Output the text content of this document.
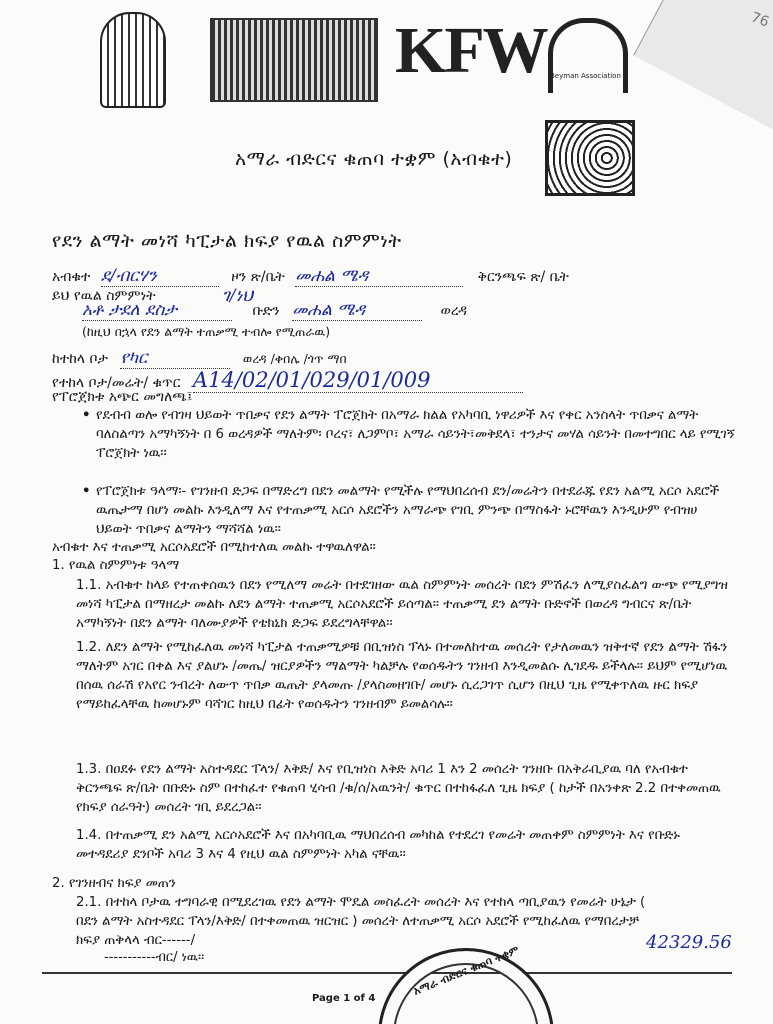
76
KFW Beyman Association
አማራ ብድርና ቁጠባ ተቋም (አብቁተ)
የደን ልማት መነሻ ካፒታል ክፍያ የዉል ስምምነት
አብቁተ ደ/ብርሃን	ዞን ጽ/ቤት መሐል ሜዳ	ቅርንጫፍ ጽ/ ቤት
ይህ የዉል ስምምነት
አቶ ታደለ ደስታ
ገ/ነህ
ቡድን መሐል ሜዳ	ወረዳ
(ከዚህ በኋላ የደን ልማት ተጠቃሚ ተብሎ የሚጠራዉ)
ከተከላ ቦታ የካር	ወረዳ /ቀበሌ /ጎጥ ማበ
የተከላ ቦታ/መሬት/ ቁጥር A14/02/01/029/01/009
የፐሮጀክቱ አጭር መግለጫ፤
• የደብብ ወሎ የብገዛ ህይወት ጥበቃና የደን ልማት ፐሮጀክት በአማራ ክልል የአካባቢ ነዋሪዎች እና የቀር አንስላት ጥበቃና ልማት ባለስልጣን አማካኝነት በ 6 ወረዳዎች ማለትም፡ ቦረና፣ ለጋምቦ፣ አማራ ሳይንት፣መቅደላ፣ ተንታና መሃል ሳይንት በመተግበር ላይ የሚገኝ ፐሮጀክት ነዉ፡፡
• የፐሮጀክቱ ዓላማ፡- የገንዘብ ድጋፍ በማድረግ በደን መልማት የሚችሉ የማህበረሰብ ደን/መሬትን በተደራጁ የደን አልሚ አርሶ አደሮች ዉጤታማ በሆነ መልኩ እንዲለማ እና የተጠቃሚ አርሶ አደሮችን አማራጭ የገቢ ምንጭ በማስፋት ኑሮቸዉን እንዲሁም የብዝሀ ህይወት ጥበቃና ልማትን ማሻሻል ነዉ፡፡
አብቁተ እና ተጠቃሚ አርሶአደሮች በሚከተለዉ መልኩ ተዋዉለዋል፡፡
1. የዉል ስምምነቱ ዓላማ
1.1. አብቁተ ከላይ የተጠቀሰዉን በደን የሚለማ መሬት በተደገዘው ዉል ስምምነት መሰረት በደን ምሽፈን ለሚያስፈልግ ውጭ የሚያግዝ መነሻ ካፒታል በማዘረታ መልኩ ለደን ልማት ተጠቃሚ አርሶአደሮች ይሰጣል፡፡ ተጠቃሚ ደን ልማት ቡድኖች በወረዳ ግብርና ጽ/ቤት አማካኝነት በደን ልማት ባለሙያዎች የቴክኒክ ድጋፍ ይደረግላቸዋል፡፡
1.2. ለደን ልማት የሚከፈለዉ መነሻ ካፒታል ተጠቃሚዎቹ በቢዝነስ ፕላኑ በተመለከተዉ መሰረት የታለመዉን ዝቅተኛ የደን ልማት ሽፋን ማለትም አገር በቀል እና ያልሆኑ /መጤ/ ዝርያዎችን ማልማት ካልቻሉ የወሰዱትን ገንዘብ እንዲመልሱ ሊገደዱ ይችላሉ፡፡ ይህም የሚሆነዉ በሰዉ ሰራሽ የአየር ንብረት ለውጥ ጥበቃ ዉጤት ያላመጡ /ያላስመዘገቡ/ መሆኑ ሲረጋገጥ ሲሆን በዚህ ጊዜ የሚቀጥለዉ ዙር ክፍያ የማይከፈላቸዉ ከመሆኑም ባሻገር ከዚህ በፊት የወሰዱትን ገንዘብም ይመልሳሉ፡፡
1.3. በዐደፉ የደን ልማት አስተዳደር ፐላን/ እቅድ/ እና የቢዝነስ እቅድ አባሪ 1 እን 2 መሰረት ገንዘቡ በአቅራቢያዉ ባለ የአብቁተ ቅርንጫፍ ጽ/ቤት በቡድኑ ስም በተከፈተ የቁጠባ ሂሳብ /ቁ/ሰ/አዉንት/ ቁጥር በተከፋፈለ ጊዜ ክፍያ ( ከታች በአንቀጽ 2.2 በተቀመጠዉ የክፍያ ሰራዓት) መሰረት ገቢ ይደረጋል፡፡
1.4. በተጠቃሚ ደን አልሚ አርሶአደሮች እና በአካባቢዉ ማህበረሰብ መካከል የተደረገ የመሬት መጠቀም ስምምነት እና የቡድኑ መተዳደሪያ ደንቦች አባሪ 3 እና 4 የዚህ ዉል ስምምነት አካል ናቸዉ፡፡
2. የገንዘብና ክፍያ መጠን
2.1. በተከላ ቦታዉ ተግባራዊ በሚደረገዉ የደን ልማት ሞዴል መስፈረት መሰረት እና የተከላ ጣቢያዉን የመሬት ሁኔታ ( በደን ልማት አስተዳደር ፐላን/እቅድ/ በተቀመጠዉ ዝርዝር ) መሰረት ለተጠቃሚ አርሶ አደሮች የሚከፈለዉ የማበረታቻ ክፍያ ጠቅላላ ብር------/
-----------ብር/ ነዉ፡፡
42329.56
አማራ ብድርና ቁጠባ ተቋም
Page 1 of 4
